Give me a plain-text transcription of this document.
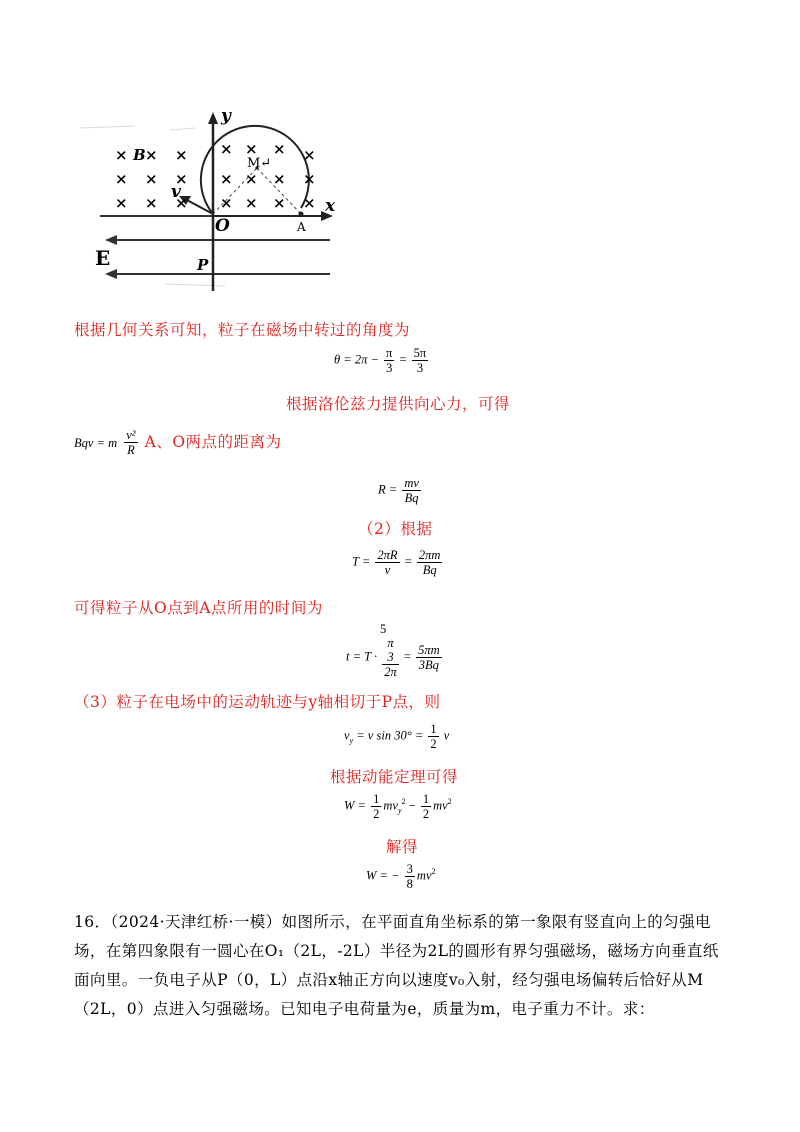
× × ×
× × ×
× × ×
× × × ×
× × × ×
× × × ×
y
x
B	M↵
v
O	A
E	P
根据几何关系可知，粒子在磁场中转过的角度为
$\theta = 2\pi - \frac{\pi}{3} = \frac{5\pi}{3}$
根据洛伦兹力提供向心力，可得
Bqv = m $\frac{\text{v²}}{R}$ A、O两点的距离为
$R = \frac{mv}{Bq}$
（2）根据
$T = \frac{2\pi R}{v} = \frac{2\pi m}{Bq}$
可得粒子从O点到A点所用的时间为
5
t = T ·
π
3
2π
= $\frac{5\pi m}{3Bq}$
（3）粒子在电场中的运动轨迹与y轴相切于P点，则
$v_y = v$ $\sin 30^\circ = \frac{1}{2}$ v
根据动能定理可得
$W = \frac{1}{2} mv_y^2 - \frac{1}{2} mv^2$
解得
W = − $\frac{3}{8} mv^2$
16．（2024·天津红桥·一模）如图所示，在平面直角坐标系的第一象限有竖直向上的匀强电
场，在第四象限有一圆心在O₁（2L，-2L）半径为2L的圆形有界匀强磁场，磁场方向垂直纸
面向里。一负电子从P（0，L）点沿x轴正方向以速度v₀入射，经匀强电场偏转后恰好从M
（2L，0）点进入匀强磁场。已知电子电荷量为e，质量为m，电子重力不计。求：
